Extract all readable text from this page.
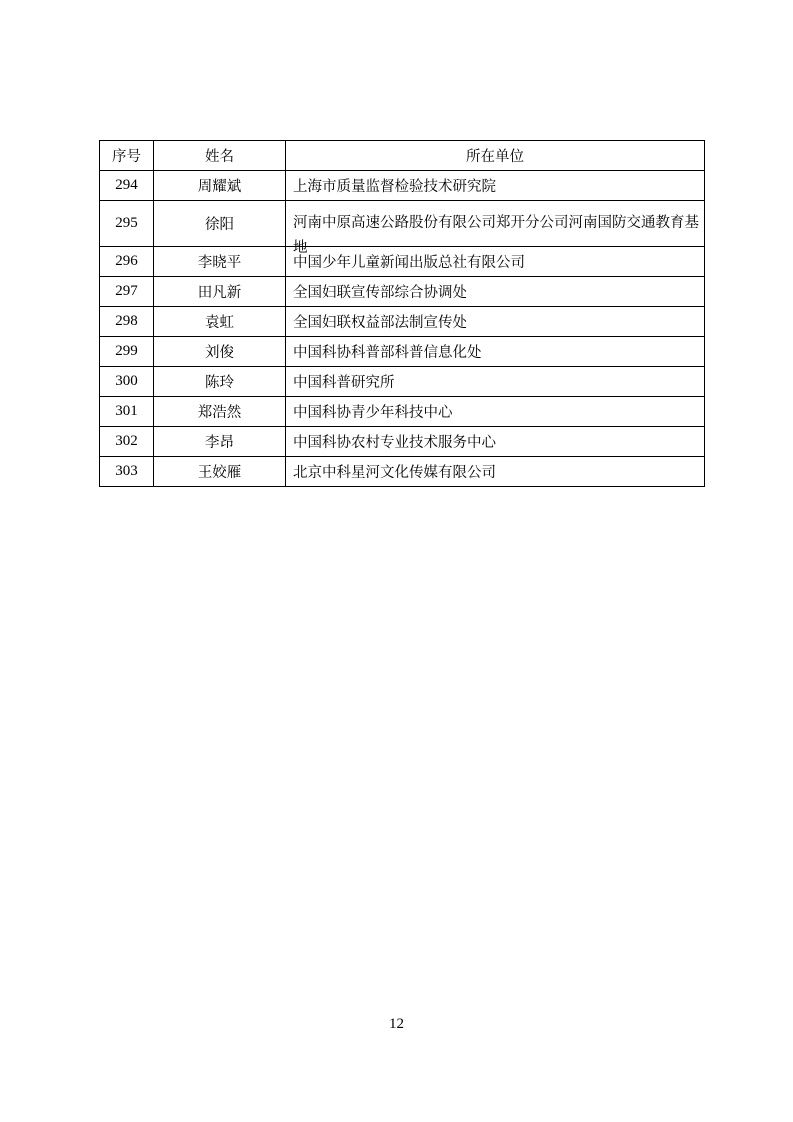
序号	姓名	所在单位
294	周耀斌	上海市质量监督检验技术研究院
295	徐阳	河南中原高速公路股份有限公司郑开分公司河南国防交通教育基地

296	李晓平	中国少年儿童新闻出版总社有限公司
297	田凡新	全国妇联宣传部综合协调处
298	袁虹	全国妇联权益部法制宣传处
299	刘俊	中国科协科普部科普信息化处
300	陈玲	中国科普研究所
301	郑浩然	中国科协青少年科技中心
302	李昂	中国科协农村专业技术服务中心
303	王姣雁	北京中科星河文化传媒有限公司
12
